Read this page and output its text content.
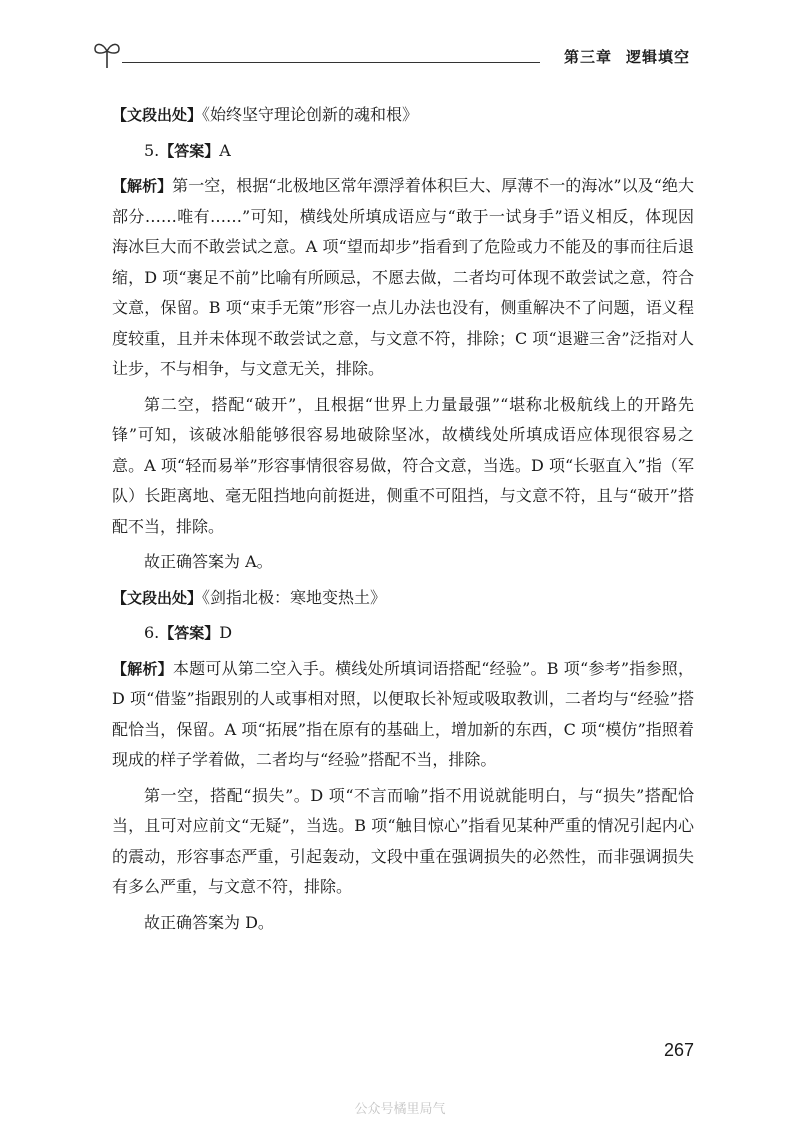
第三章 逻辑填空

【文段出处】《始终坚守理论创新的魂和根》

5.【答案】A

【解析】第一空，根据“北极地区常年漂浮着体积巨大、厚薄不一的海冰”以及“绝大部分……唯有……”可知，横线处所填成语应与“敢于一试身手”语义相反，体现因海冰巨大而不敢尝试之意。A 项“望而却步”指看到了危险或力不能及的事而往后退缩，D 项“裹足不前”比喻有所顾忌，不愿去做，二者均可体现不敢尝试之意，符合文意，保留。B 项“束手无策”形容一点儿办法也没有，侧重解决不了问题，语义程度较重，且并未体现不敢尝试之意，与文意不符，排除；C 项“退避三舍”泛指对人让步，不与相争，与文意无关，排除。

第二空，搭配“破开”，且根据“世界上力量最强”“堪称北极航线上的开路先锋”可知，该破冰船能够很容易地破除坚冰，故横线处所填成语应体现很容易之意。A 项“轻而易举”形容事情很容易做，符合文意，当选。D 项“长驱直入”指（军队）长距离地、毫无阻挡地向前挺进，侧重不可阻挡，与文意不符，且与“破开”搭配不当，排除。

故正确答案为 A。

【文段出处】《剑指北极：寒地变热土》

6.【答案】D

【解析】本题可从第二空入手。横线处所填词语搭配“经验”。B 项“参考”指参照，D 项“借鉴”指跟别的人或事相对照，以便取长补短或吸取教训，二者均与“经验”搭配恰当，保留。A 项“拓展”指在原有的基础上，增加新的东西，C 项“模仿”指照着现成的样子学着做，二者均与“经验”搭配不当，排除。

第一空，搭配“损失”。D 项“不言而喻”指不用说就能明白，与“损失”搭配恰当，且可对应前文“无疑”，当选。B 项“触目惊心”指看见某种严重的情况引起内心的震动，形容事态严重，引起轰动，文段中重在强调损失的必然性，而非强调损失有多么严重，与文意不符，排除。

故正确答案为 D。

267
公众号橘里局气
